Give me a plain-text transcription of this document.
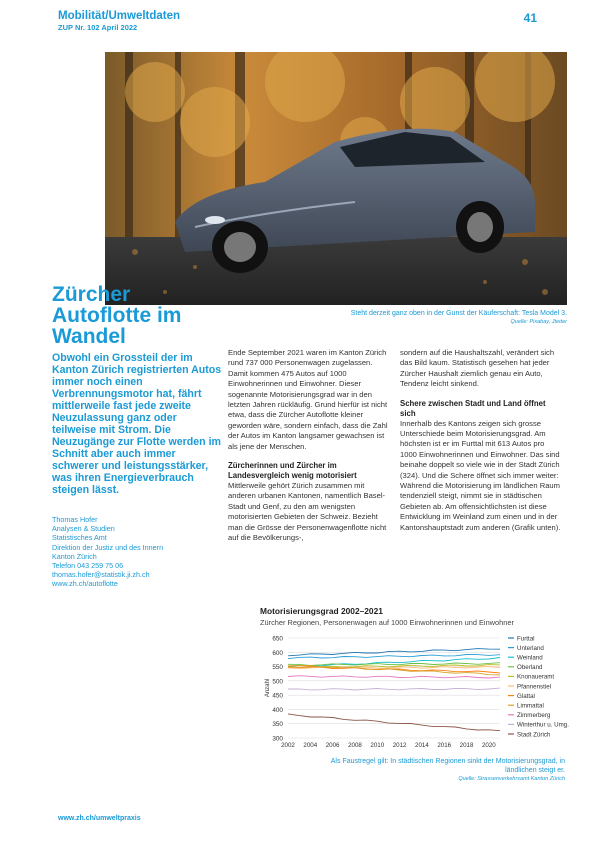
Mobilität/Umweltdaten
ZUP Nr. 102 April 2022
41
Steht derzeit ganz oben in der Gunst der Käuferschaft: Tesla Model 3.
Quelle: Pixabay, Jteder
Zürcher Autoflotte im Wandel
Obwohl ein Grossteil der im Kanton Zürich registrierten Autos immer noch einen Verbrennungsmotor hat, fährt mittlerweile fast jede zweite Neuzulassung ganz oder teilweise mit Strom. Die Neuzugänge zur Flotte werden im Schnitt aber auch immer schwerer und leistungsstärker, was ihren Energieverbrauch steigen lässt.
Thomas Hofer
Analysen & Studien
Statistisches Amt
Direktion der Justiz und des Innern
Kanton Zürich
Telefon 043 259 75 06
thomas.hofer@statistik.ji.zh.ch
www.zh.ch/autoflotte

Ende September 2021 waren im Kanton Zürich rund 737 000 Personenwagen zugelassen. Damit kommen 475 Autos auf 1000 Einwohnerinnen und Einwohner. Dieser sogenannte Motorisierungsgrad war in den letzten Jahren rückläufig. Grund hierfür ist nicht etwa, dass die Zürcher Autoflotte kleiner geworden wäre, sondern einfach, dass die Zahl der Autos im Kanton langsamer gewachsen ist als jene der Menschen.

Zürcherinnen und Zürcher im Landesvergleich wenig motorisiert

Mittlerweile gehört Zürich zusammen mit anderen urbanen Kantonen, namentlich Basel-Stadt und Genf, zu den am wenigsten motorisierten Gebieten der Schweiz. Bezieht man die Grösse der Personenwagenflotte nicht auf die Bevölkerungs-,

sondern auf die Haushaltszahl, verändert sich das Bild kaum. Statistisch gesehen hat jeder Zürcher Haushalt ziemlich genau ein Auto, Tendenz leicht sinkend.

Schere zwischen Stadt und Land öffnet sich

Innerhalb des Kantons zeigen sich grosse Unterschiede beim Motorisierungsgrad. Am höchsten ist er im Furttal mit 613 Autos pro 1000 Einwohnerinnen und Einwohner. Das sind beinahe doppelt so viele wie in der Stadt Zürich (324). Und die Schere öffnet sich immer weiter: Während die Motorisierung im ländlichen Raum tendenziell steigt, nimmt sie in städtischen Gebieten ab. Am offensichtlichsten ist diese Entwicklung im Weinland zum einen und in der Kantonshauptstadt zum anderen (Grafik unten).

Motorisierungsgrad 2002–2021
Zürcher Regionen, Personenwagen auf 1000 Einwohnerinnen und Einwohner
650
600
550
500
450
400
350
300
2002 2004 2006 2008 2010 2012 2014 2016 2018 2020
Anzahl
Furttal
Unterland
Weinland
Oberland
Knonaueramt
Pfannenstiel
Glattal
Limmattal
Zimmerberg
Winterthur u. Umg.
Stadt Zürich
Als Faustregel gilt: In städtischen Regionen sinkt der Motorisierungsgrad, in ländlichen steigt er.
Quelle: Strassenverkehrsamt Kanton Zürich
www.zh.ch/umweltpraxis
